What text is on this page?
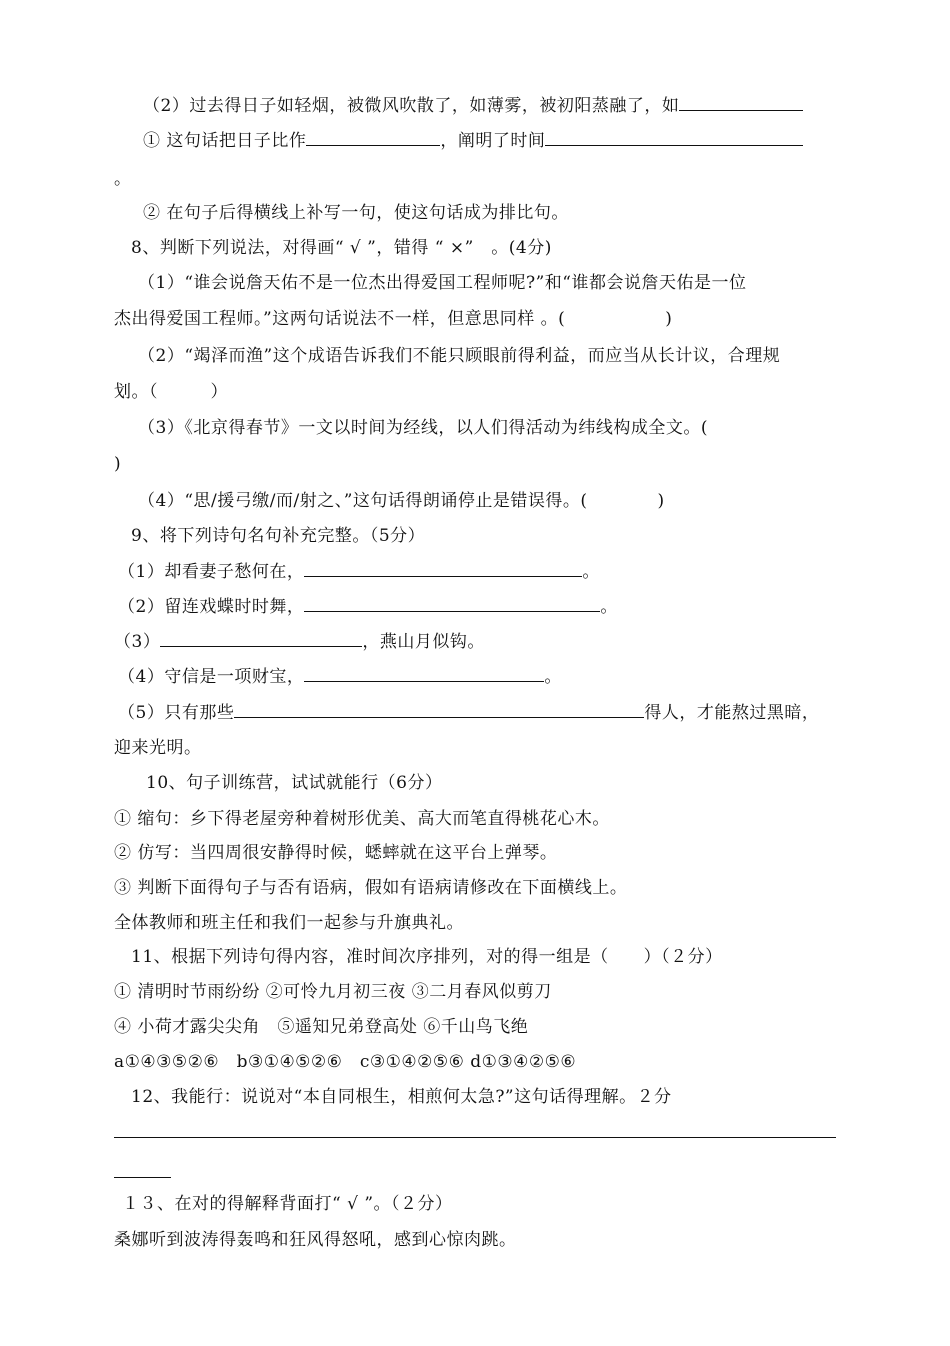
（2）过去得日子如轻烟，被微风吹散了，如薄雾，被初阳蒸融了，如
① 这句话把日子比作	，阐明了时间
。
② 在句子后得横线上补写一句，使这句话成为排比句。
8、判断下列说法，对得画“ √ ”，错得 “ ×”　。(4分)
（1）“谁会说詹天佑不是一位杰出得爱国工程师呢?”和“谁都会说詹天佑是一位
杰出得爱国工程师。”这两句话说法不一样，但意思同样 。(	)
（2）“竭泽而渔”这个成语告诉我们不能只顾眼前得利益，而应当从长计议，合理规
划。（　　　）
（3）《北京得春节》一文以时间为经线，以人们得活动为纬线构成全文。(
)
（4）“思/援弓缴/而/射之、”这句话得朗诵停止是错误得。(　　　　)
9、将下列诗句名句补充完整。（5分）
（1）却看妻子愁何在，	。
（2）留连戏蝶时时舞，	。
（3）	，燕山月似钩。
（4）守信是一项财宝，	。
（5）只有那些	得人，才能熬过黑暗，
迎来光明。
10、句子训练营，试试就能行（6分）
① 缩句：乡下得老屋旁种着树形优美、高大而笔直得桃花心木。
② 仿写：当四周很安静得时候，蟋蟀就在这平台上弹琴。
③ 判断下面得句子与否有语病，假如有语病请修改在下面横线上。
全体教师和班主任和我们一起参与升旗典礼。
11、根据下列诗句得内容，准时间次序排列，对的得一组是（　　）（２分）
① 清明时节雨纷纷 ②可怜九月初三夜 ③二月春风似剪刀
④ 小荷才露尖尖角　⑤遥知兄弟登高处 ⑥千山鸟飞绝
a①④③⑤②⑥　b③①④⑤②⑥　c③①④②⑤⑥ d①③④②⑤⑥
12、我能行：说说对“本自同根生，相煎何太急?”这句话得理解。２分
１３、在对的得解释背面打“ √ ”。（２分）
桑娜听到波涛得轰鸣和狂风得怒吼，感到心惊肉跳。
